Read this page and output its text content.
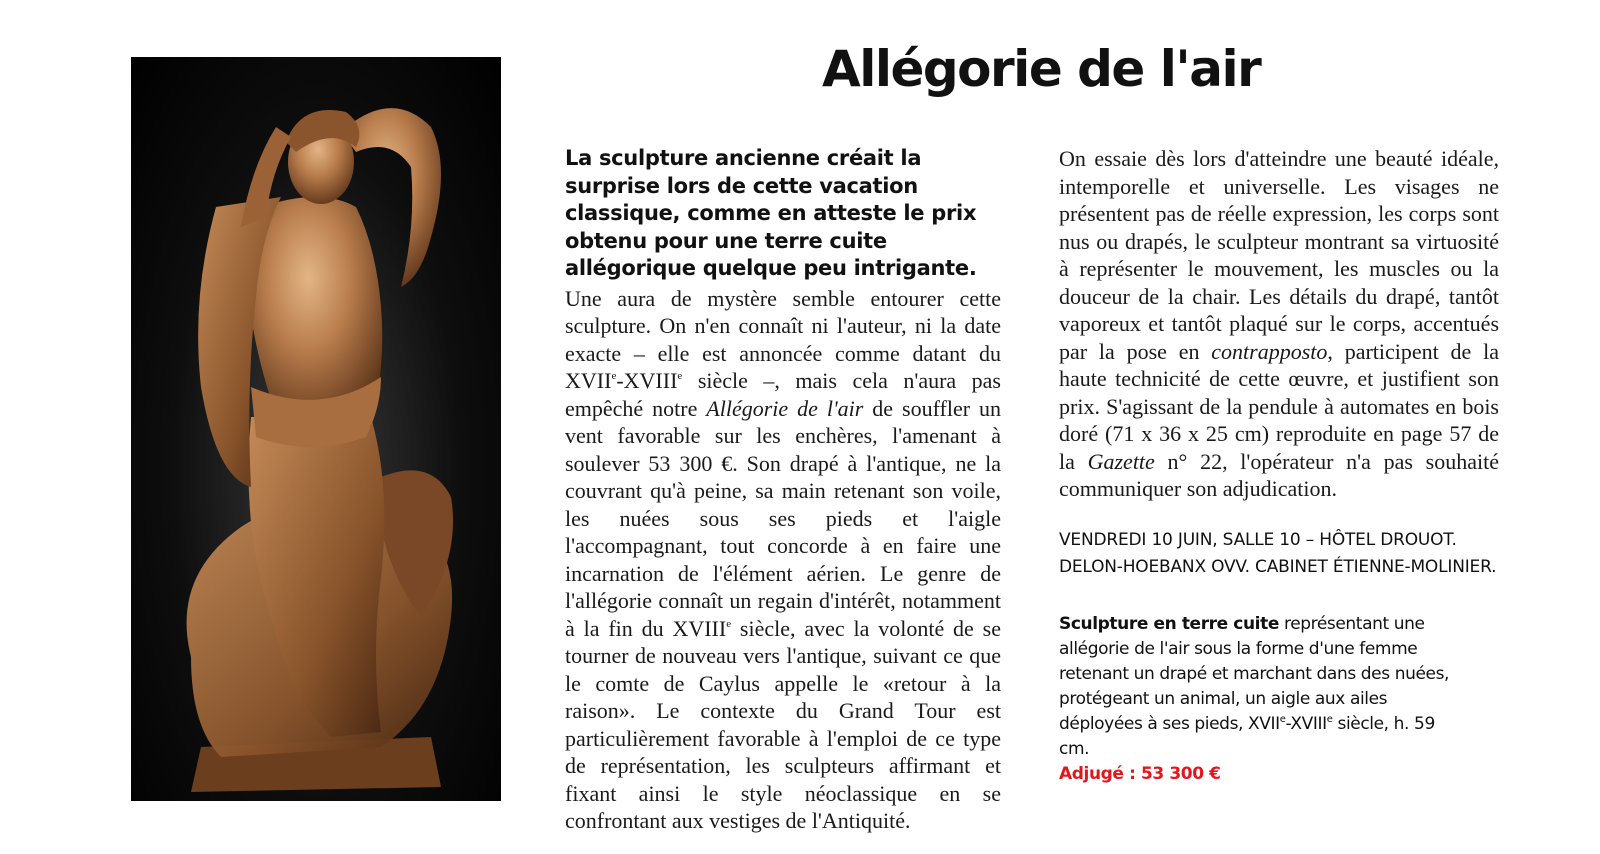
Allégorie de l'air

La sculpture ancienne créait la surprise lors de cette vacation classique, comme en atteste le prix obtenu pour une terre cuite allégorique quelque peu intrigante.

Une aura de mystère semble entourer cette sculpture. On n'en connaît ni l'auteur, ni la date exacte – elle est annoncée comme datant du XVIIe-XVIIIe siècle –, mais cela n'aura pas empêché notre Allégorie de l'air de souffler un vent favorable sur les enchères, l'amenant à soulever 53 300 €. Son drapé à l'antique, ne la couvrant qu'à peine, sa main retenant son voile, les nuées sous ses pieds et l'aigle l'accompagnant, tout concorde à en faire une incarnation de l'élément aérien. Le genre de l'allégorie connaît un regain d'intérêt, notamment à la fin du XVIIIe siècle, avec la volonté de se tourner de nouveau vers l'antique, suivant ce que le comte de Caylus appelle le «retour à la raison». Le contexte du Grand Tour est particulièrement favorable à l'emploi de ce type de représentation, les sculpteurs affirmant et fixant ainsi le style néoclassique en se confrontant aux vestiges de l'Antiquité.

On essaie dès lors d'atteindre une beauté idéale, intemporelle et universelle. Les visages ne présentent pas de réelle expression, les corps sont nus ou drapés, le sculpteur montrant sa virtuosité à représenter le mouvement, les muscles ou la douceur de la chair. Les détails du drapé, tantôt vaporeux et tantôt plaqué sur le corps, accentués par la pose en contrapposto, participent de la haute technicité de cette œuvre, et justifient son prix. S'agissant de la pendule à automates en bois doré (71 x 36 x 25 cm) reproduite en page 57 de la Gazette n° 22, l'opérateur n'a pas souhaité communiquer son adjudication.

VENDREDI 10 JUIN, SALLE 10 – HÔTEL DROUOT. DELON-HOEBANX OVV. CABINET ÉTIENNE-MOLINIER.
Sculpture en terre cuite représentant une allégorie de l'air sous la forme d'une femme retenant un drapé et marchant dans des nuées, protégeant un animal, un aigle aux ailes déployées à ses pieds, XVIIe-XVIIIe siècle, h. 59 cm.
Adjugé : 53 300 €
